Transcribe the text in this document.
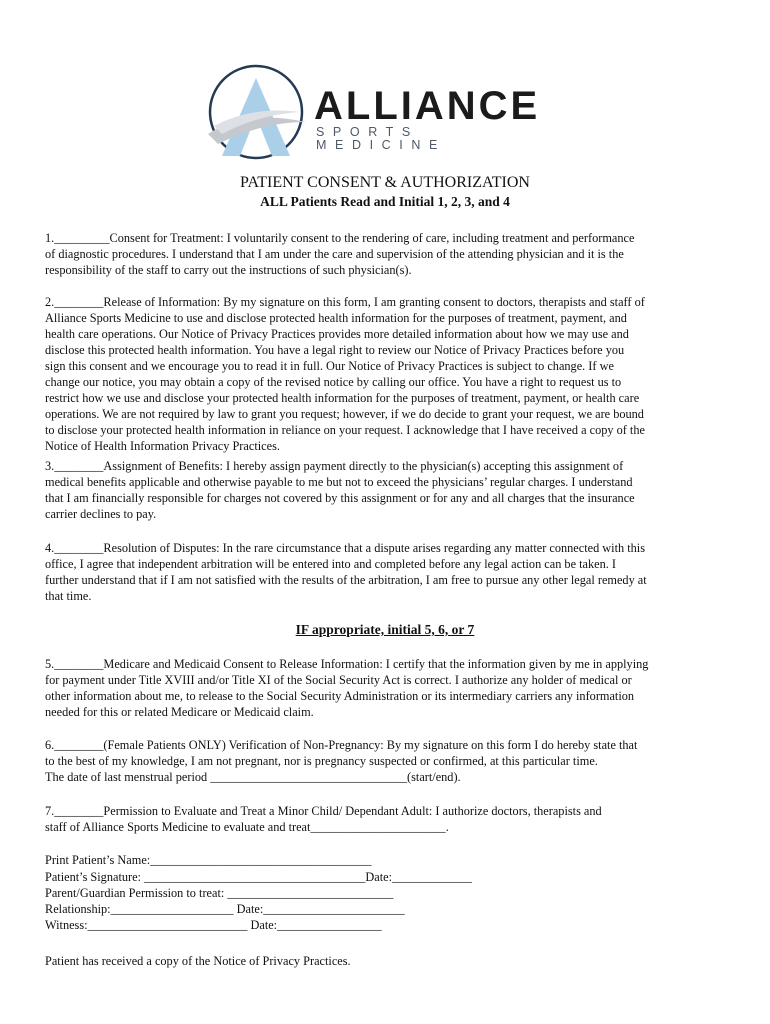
ALLIANCE
SPORTS MEDICINE
PATIENT CONSENT & AUTHORIZATION
ALL Patients Read and Initial 1, 2, 3, and 4
1._________Consent for Treatment: I voluntarily consent to the rendering of care, including treatment and performance
of diagnostic procedures. I understand that I am under the care and supervision of the attending physician and it is the
responsibility of the staff to carry out the instructions of such physician(s).
2.________Release of Information: By my signature on this form, I am granting consent to doctors, therapists and staff of
Alliance Sports Medicine to use and disclose protected health information for the purposes of treatment, payment, and
health care operations. Our Notice of Privacy Practices provides more detailed information about how we may use and
disclose this protected health information. You have a legal right to review our Notice of Privacy Practices before you
sign this consent and we encourage you to read it in full. Our Notice of Privacy Practices is subject to change. If we
change our notice, you may obtain a copy of the revised notice by calling our office. You have a right to request us to
restrict how we use and disclose your protected health information for the purposes of treatment, payment, or health care
operations. We are not required by law to grant you request; however, if we do decide to grant your request, we are bound
to disclose your protected health information in reliance on your request. I acknowledge that I have received a copy of the
Notice of Health Information Privacy Practices.
3.________Assignment of Benefits: I hereby assign payment directly to the physician(s) accepting this assignment of
medical benefits applicable and otherwise payable to me but not to exceed the physicians’ regular charges. I understand
that I am financially responsible for charges not covered by this assignment or for any and all charges that the insurance
carrier declines to pay.
4.________Resolution of Disputes: In the rare circumstance that a dispute arises regarding any matter connected with this
office, I agree that independent arbitration will be entered into and completed before any legal action can be taken. I
further understand that if I am not satisfied with the results of the arbitration, I am free to pursue any other legal remedy at
that time.
IF appropriate, initial 5, 6, or 7
5.________Medicare and Medicaid Consent to Release Information: I certify that the information given by me in applying
for payment under Title XVIII and/or Title XI of the Social Security Act is correct. I authorize any holder of medical or
other information about me, to release to the Social Security Administration or its intermediary carriers any information
needed for this or related Medicare or Medicaid claim.
6.________(Female Patients ONLY) Verification of Non-Pregnancy: By my signature on this form I do hereby state that
to the best of my knowledge, I am not pregnant, nor is pregnancy suspected or confirmed, at this particular time.
The date of last menstrual period ________________________________(start/end).
7.________Permission to Evaluate and Treat a Minor Child/ Dependant Adult: I authorize doctors, therapists and
staff of Alliance Sports Medicine to evaluate and treat______________________.
Print Patient’s Name:____________________________________
Patient’s Signature: ____________________________________Date:_____________
Parent/Guardian Permission to treat: ___________________________
Relationship:____________________ Date:_______________________
Witness:__________________________ Date:_________________
Patient has received a copy of the Notice of Privacy Practices.
